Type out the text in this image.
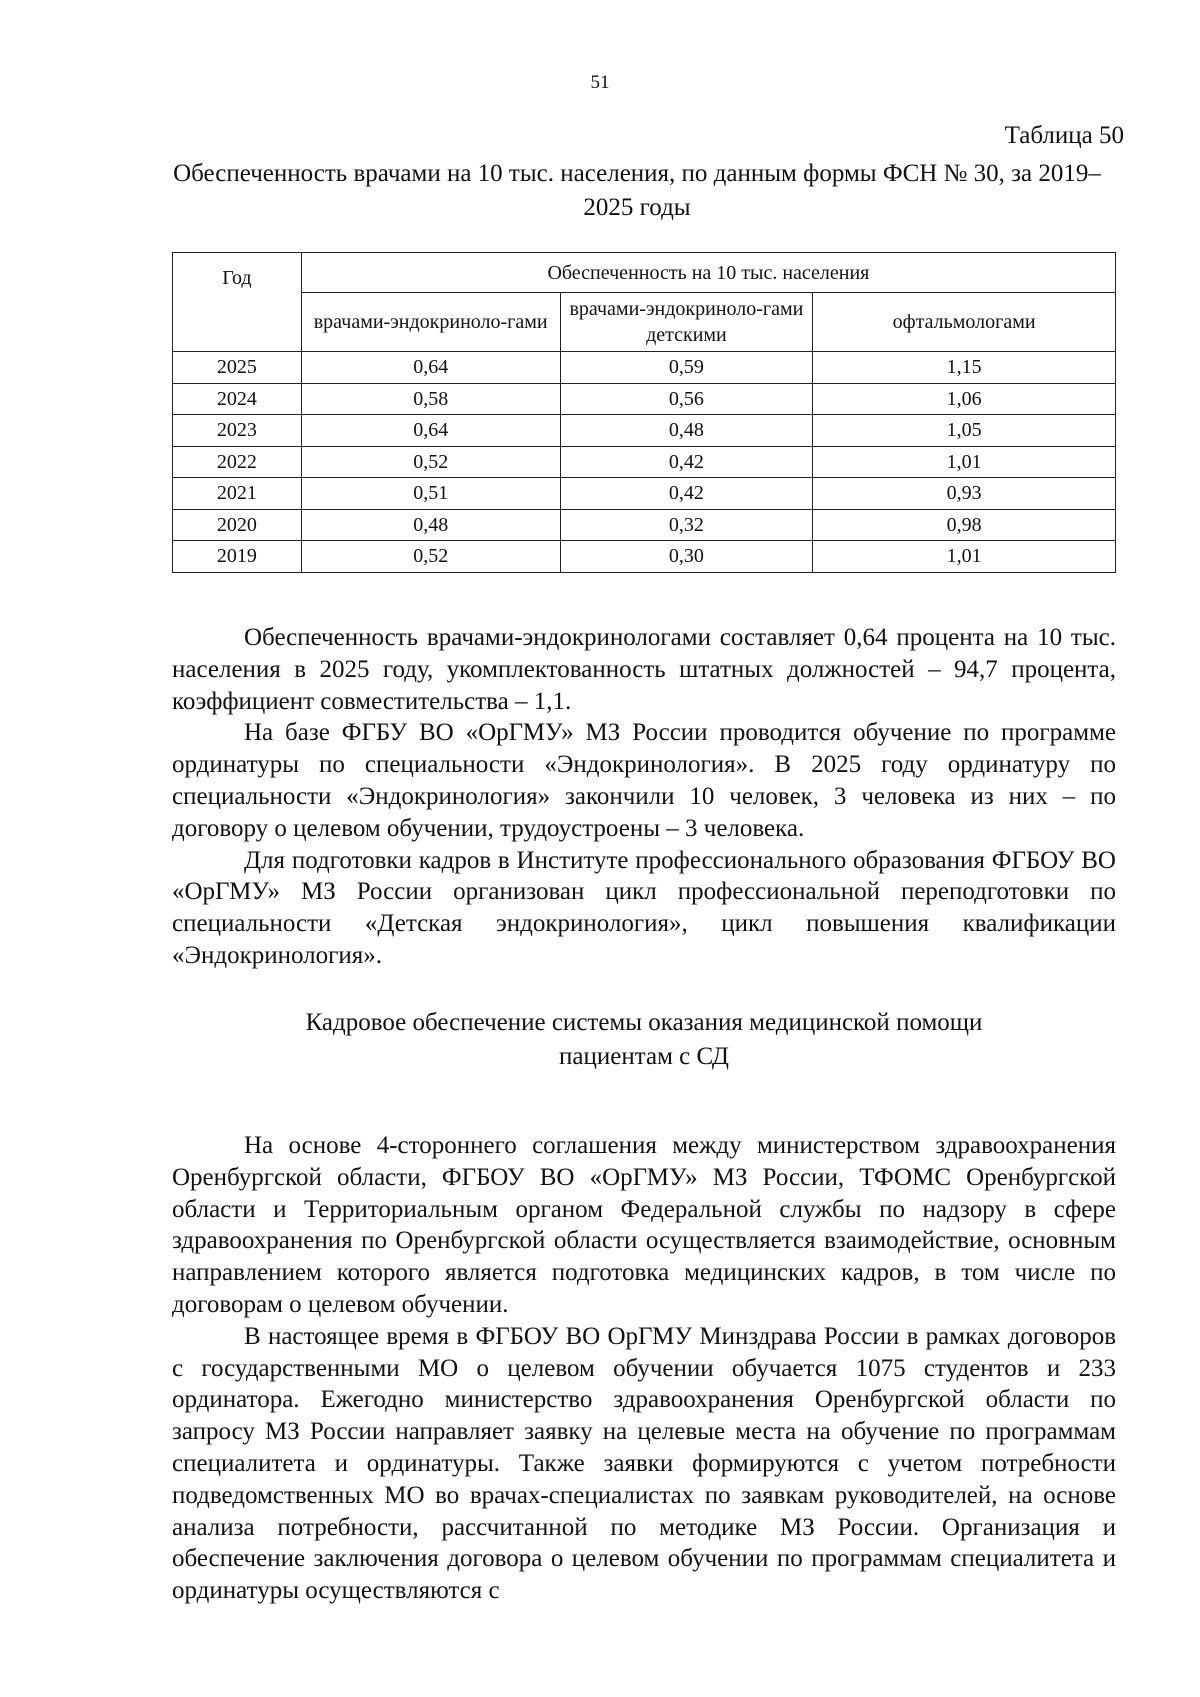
51
Таблица 50
Обеспеченность врачами на 10 тыс. населения, по данным формы ФСН № 30, за 2019–2025 годы
Год	Обеспеченность на 10 тыс. населения		
	врачами-эндокриноло-гами	врачами-эндокриноло-гами детскими	офтальмологами
2025	0,64	0,59	1,15
2024	0,58	0,56	1,06
2023	0,64	0,48	1,05
2022	0,52	0,42	1,01
2021	0,51	0,42	0,93
2020	0,48	0,32	0,98
2019	0,52	0,30	1,01

Обеспеченность врачами-эндокринологами составляет 0,64 процента на 10 тыс. населения в 2025 году, укомплектованность штатных должностей – 94,7 процента, коэффициент совместительства – 1,1.

На базе ФГБУ ВО «ОрГМУ» МЗ России проводится обучение по программе ординатуры по специальности «Эндокринология». В 2025 году ординатуру по специальности «Эндокринология» закончили 10 человек, 3 человека из них – по договору о целевом обучении, трудоустроены – 3 человека.

Для подготовки кадров в Институте профессионального образования ФГБОУ ВО «ОрГМУ» МЗ России организован цикл профессиональной переподготовки по специальности «Детская эндокринология», цикл повышения квалификации «Эндокринология».

Кадровое обеспечение системы оказания медицинской помощи
пациентам с СД

На основе 4-стороннего соглашения между министерством здравоохранения Оренбургской области, ФГБОУ ВО «ОрГМУ» МЗ России, ТФОМС Оренбургской области и Территориальным органом Федеральной службы по надзору в сфере здравоохранения по Оренбургской области осуществляется взаимодействие, основным направлением которого является подготовка медицинских кадров, в том числе по договорам о целевом обучении.

В настоящее время в ФГБОУ ВО ОрГМУ Минздрава России в рамках договоров с государственными МО о целевом обучении обучается 1075 студентов и 233 ординатора. Ежегодно министерство здравоохранения Оренбургской области по запросу МЗ России направляет заявку на целевые места на обучение по программам специалитета и ординатуры. Также заявки формируются с учетом потребности подведомственных МО во врачах-специалистах по заявкам руководителей, на основе анализа потребности, рассчитанной по методике МЗ России. Организация и обеспечение заключения договора о целевом обучении по программам специалитета и ординатуры осуществляются с
